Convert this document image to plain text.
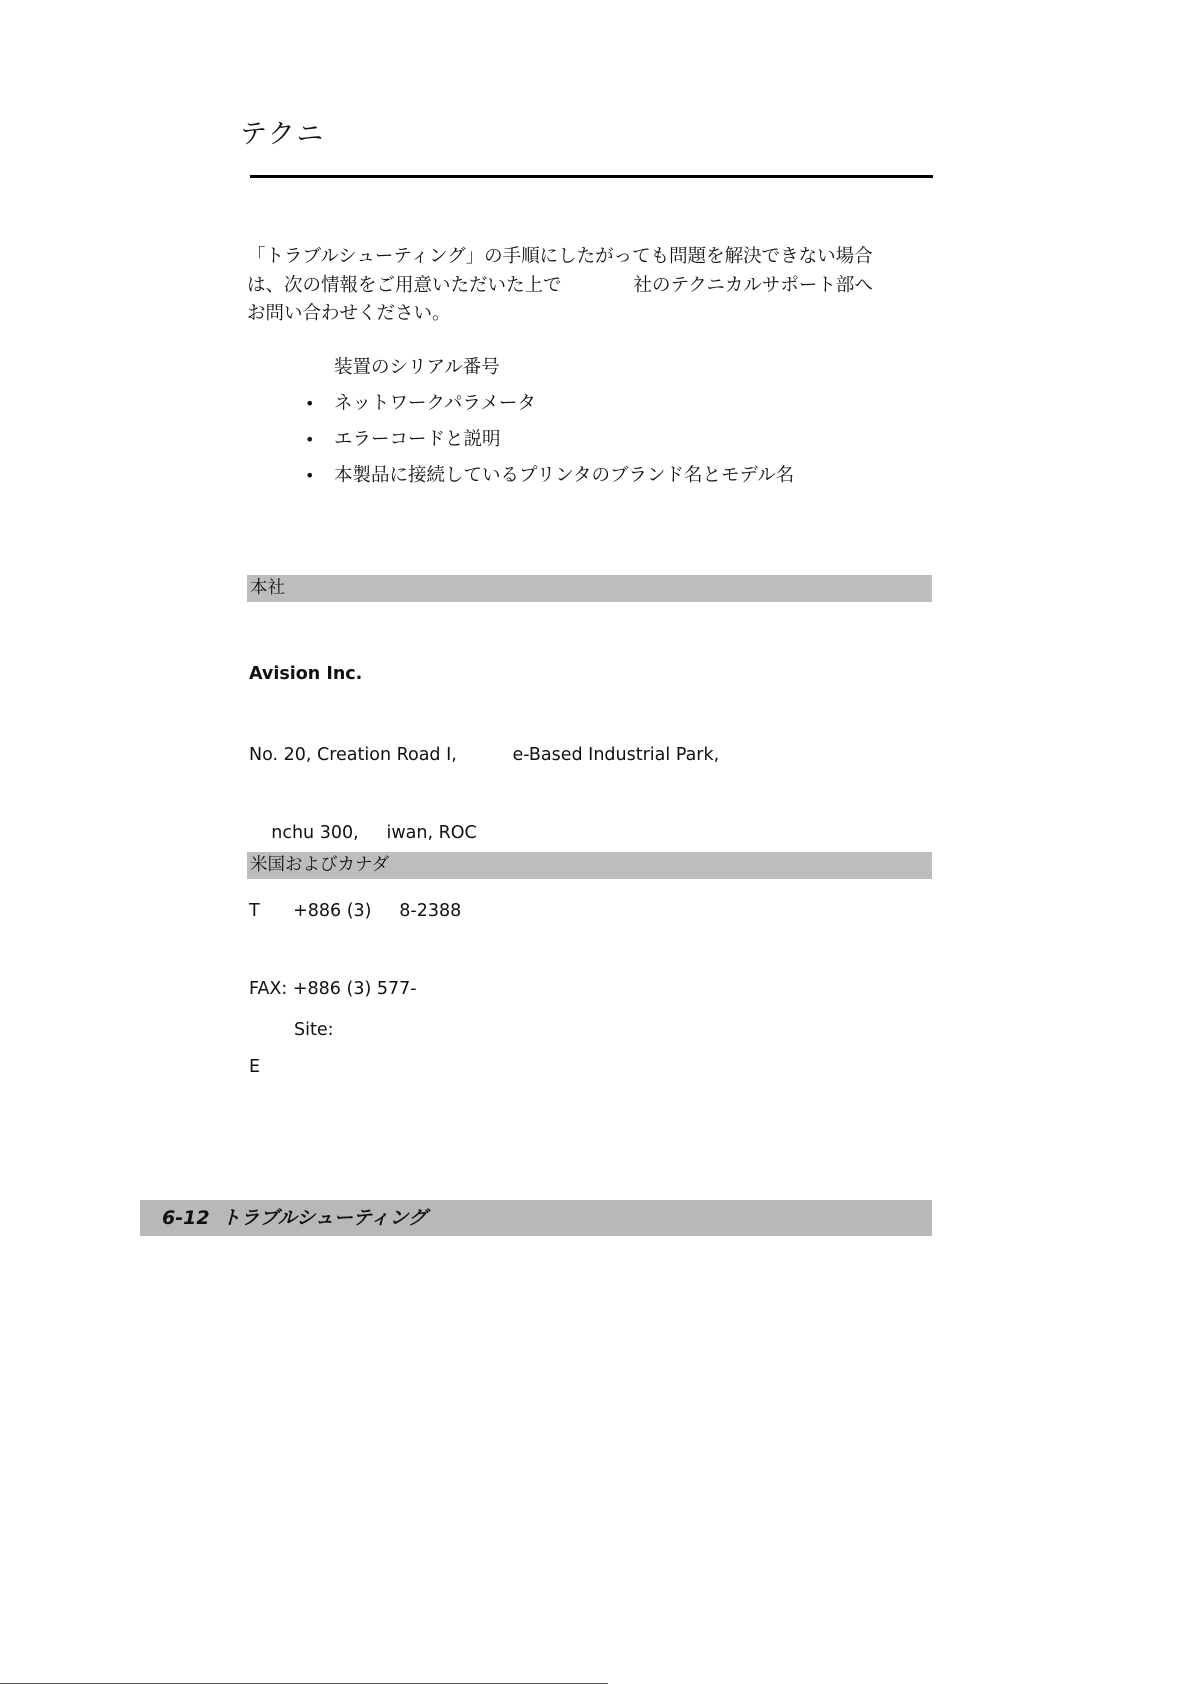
テクニ

「トラブルシューティング」の手順にしたがっても問題を解決できない場合
は、次の情報をご用意いただいた上で	社のテクニカルサポート部へ
お問い合わせください。

装置のシリアル番号
• ネットワークパラメータ
• エラーコードと説明
• 本製品に接続しているプリンタのブランド名とモデル名
本社

Avision Inc.

No. 20, Creation Road I,          e-Based Industrial Park,

nchu 300,     iwan, ROC

T      +886 (3)     8-2388

FAX: +886 (3) 577-

E

米国およびカナダ
Site:
6-12 トラブルシューティング
